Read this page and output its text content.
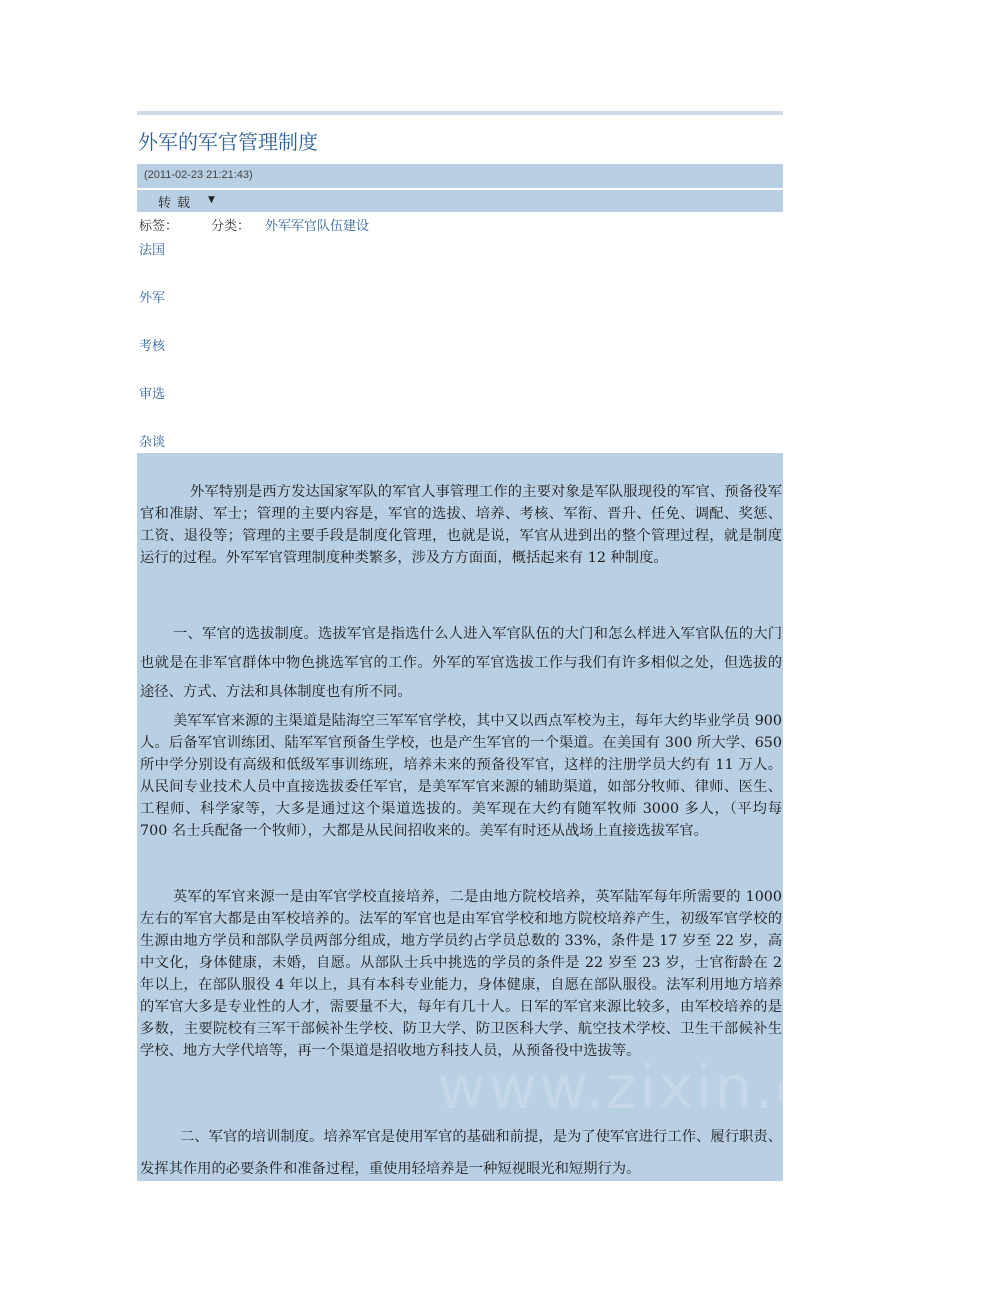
外军的军官管理制度
(2011-02-23 21:21:43)
转载 ▼
标签：	分类： 外军军官队伍建设
法国
外军
考核
审选
杂谈
www.zixin.com.cn
外军特别是西方发达国家军队的军官人事管理工作的主要对象是军队服现役的军官、预备役军官和准尉、军士；管理的主要内容是，军官的选拔、培养、考核、军衔、晋升、任免、调配、奖惩、工资、退役等；管理的主要手段是制度化管理，也就是说，军官从进到出的整个管理过程，就是制度运行的过程。外军军官管理制度种类繁多，涉及方方面面，概括起来有 12 种制度。
一、军官的选拔制度。选拔军官是指选什么人进入军官队伍的大门和怎么样进入军官队伍的大门也就是在非军官群体中物色挑选军官的工作。外军的军官选拔工作与我们有许多相似之处，但选拔的途径、方式、方法和具体制度也有所不同。
美军军官来源的主渠道是陆海空三军军官学校，其中又以西点军校为主，每年大约毕业学员 900 人。后备军官训练团、陆军军官预备生学校，也是产生军官的一个渠道。在美国有 300 所大学、650 所中学分别设有高级和低级军事训练班，培养未来的预备役军官，这样的注册学员大约有 11 万人。从民间专业技术人员中直接选拔委任军官，是美军军官来源的辅助渠道，如部分牧师、律师、医生、工程师、科学家等，大多是通过这个渠道选拔的。美军现在大约有随军牧师 3000 多人，（平均每 700 名士兵配备一个牧师），大都是从民间招收来的。美军有时还从战场上直接选拔军官。
英军的军官来源一是由军官学校直接培养，二是由地方院校培养，英军陆军每年所需要的 1000 左右的军官大都是由军校培养的。法军的军官也是由军官学校和地方院校培养产生，初级军官学校的生源由地方学员和部队学员两部分组成，地方学员约占学员总数的 33%，条件是 17 岁至 22 岁，高中文化，身体健康，未婚，自愿。从部队士兵中挑选的学员的条件是 22 岁至 23 岁，士官衔龄在 2 年以上，在部队服役 4 年以上，具有本科专业能力，身体健康，自愿在部队服役。法军利用地方培养的军官大多是专业性的人才，需要量不大，每年有几十人。日军的军官来源比较多，由军校培养的是多数，主要院校有三军干部候补生学校、防卫大学、防卫医科大学、航空技术学校、卫生干部候补生学校、地方大学代培等，再一个渠道是招收地方科技人员，从预备役中选拔等。
二、军官的培训制度。培养军官是使用军官的基础和前提，是为了使军官进行工作、履行职责、发挥其作用的必要条件和准备过程，重使用轻培养是一种短视眼光和短期行为。
